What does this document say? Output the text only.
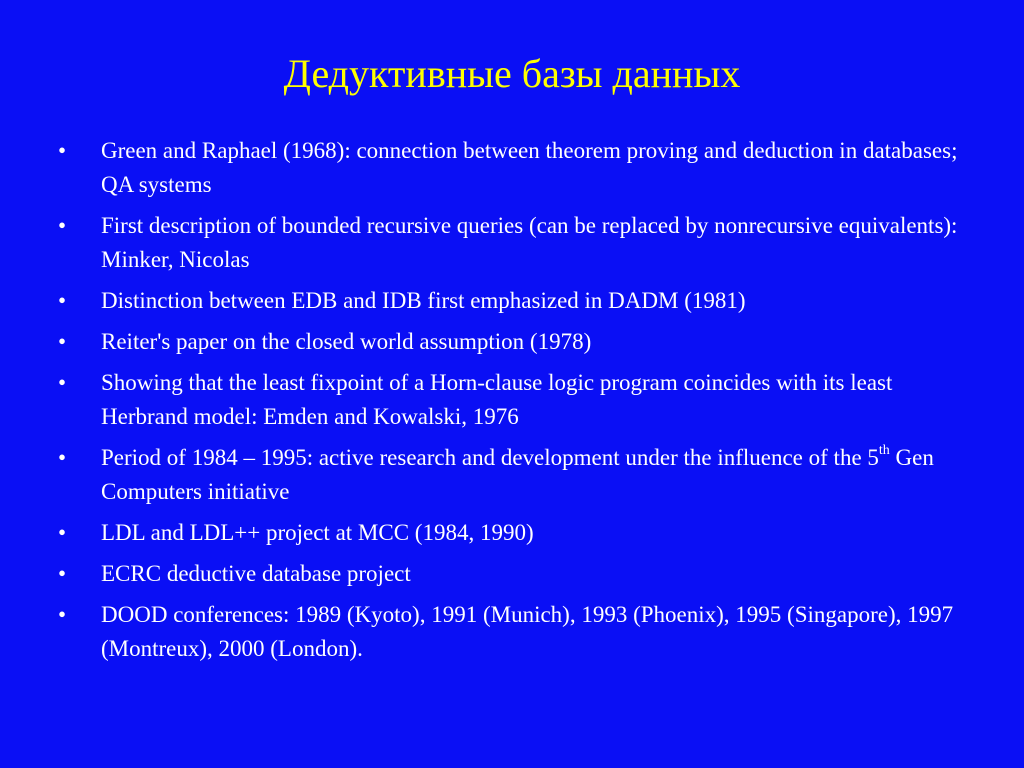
Дедуктивные базы данных
•	Green and Raphael (1968): connection between theorem proving and deduction in databases; QA systems
•	First description of bounded recursive queries (can be replaced by nonrecursive equivalents): Minker, Nicolas
•	Distinction between EDB and IDB first emphasized in DADM (1981)
•	Reiter's paper on the closed world assumption (1978)
•	Showing that the least fixpoint of a Horn-clause logic program coincides with its least Herbrand model: Emden and Kowalski, 1976
•	Period of 1984 – 1995: active research and development under the influence of the 5th Gen Computers initiative
•	LDL and LDL++ project at MCC (1984, 1990)
•	ECRC deductive database project
•	DOOD conferences: 1989 (Kyoto), 1991 (Munich), 1993 (Phoenix), 1995 (Singapore), 1997 (Montreux), 2000 (London).
